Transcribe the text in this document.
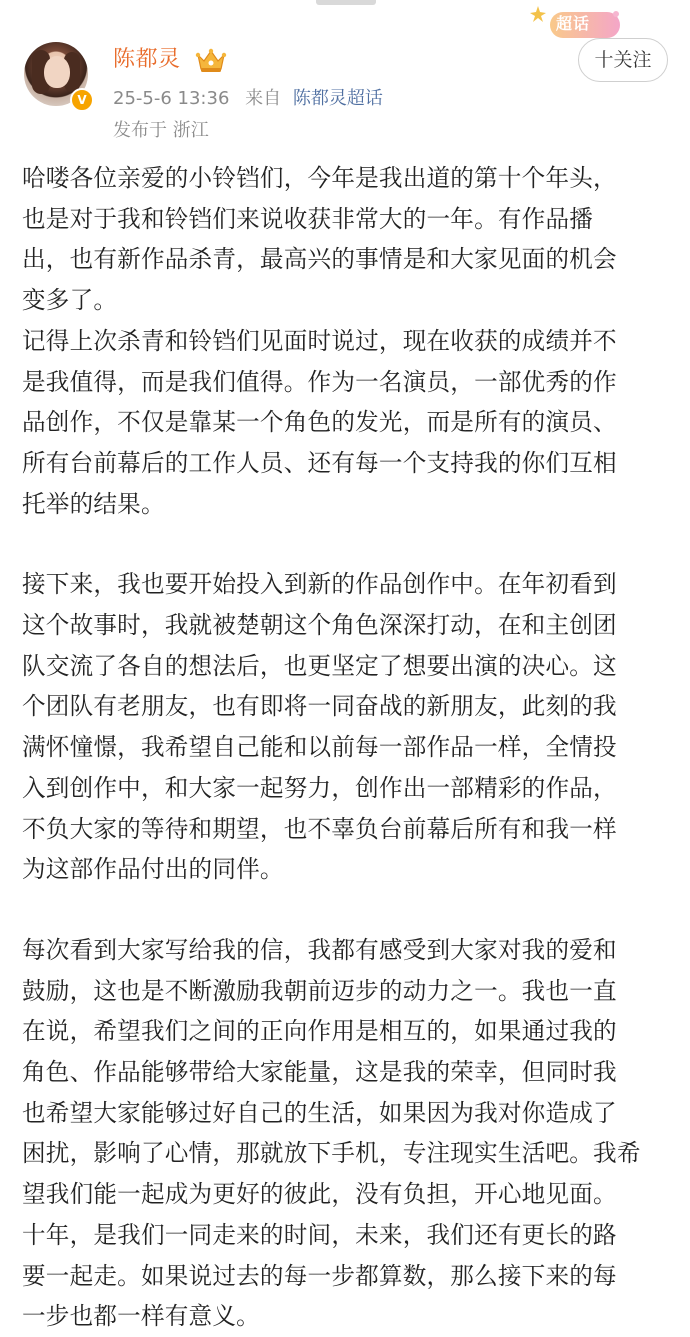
V
陈都灵
25-5-6 13:36 来自 陈都灵超话
发布于 浙江
超话
十关注

哈喽各位亲爱的小铃铛们，今年是我出道的第十个年头，
也是对于我和铃铛们来说收获非常大的一年。有作品播
出，也有新作品杀青，最高兴的事情是和大家见面的机会
变多了。
记得上次杀青和铃铛们见面时说过，现在收获的成绩并不
是我值得，而是我们值得。作为一名演员，一部优秀的作
品创作，不仅是靠某一个角色的发光，而是所有的演员、
所有台前幕后的工作人员、还有每一个支持我的你们互相
托举的结果。

接下来，我也要开始投入到新的作品创作中。在年初看到
这个故事时，我就被楚朝这个角色深深打动，在和主创团
队交流了各自的想法后，也更坚定了想要出演的决心。这
个团队有老朋友，也有即将一同奋战的新朋友，此刻的我
满怀憧憬，我希望自己能和以前每一部作品一样，全情投
入到创作中，和大家一起努力，创作出一部精彩的作品，
不负大家的等待和期望，也不辜负台前幕后所有和我一样
为这部作品付出的同伴。

每次看到大家写给我的信，我都有感受到大家对我的爱和
鼓励，这也是不断激励我朝前迈步的动力之一。我也一直
在说，希望我们之间的正向作用是相互的，如果通过我的
角色、作品能够带给大家能量，这是我的荣幸，但同时我
也希望大家能够过好自己的生活，如果因为我对你造成了
困扰，影响了心情，那就放下手机，专注现实生活吧。我希
望我们能一起成为更好的彼此，没有负担，开心地见面。
十年，是我们一同走来的时间，未来，我们还有更长的路
要一起走。如果说过去的每一步都算数，那么接下来的每
一步也都一样有意义。
